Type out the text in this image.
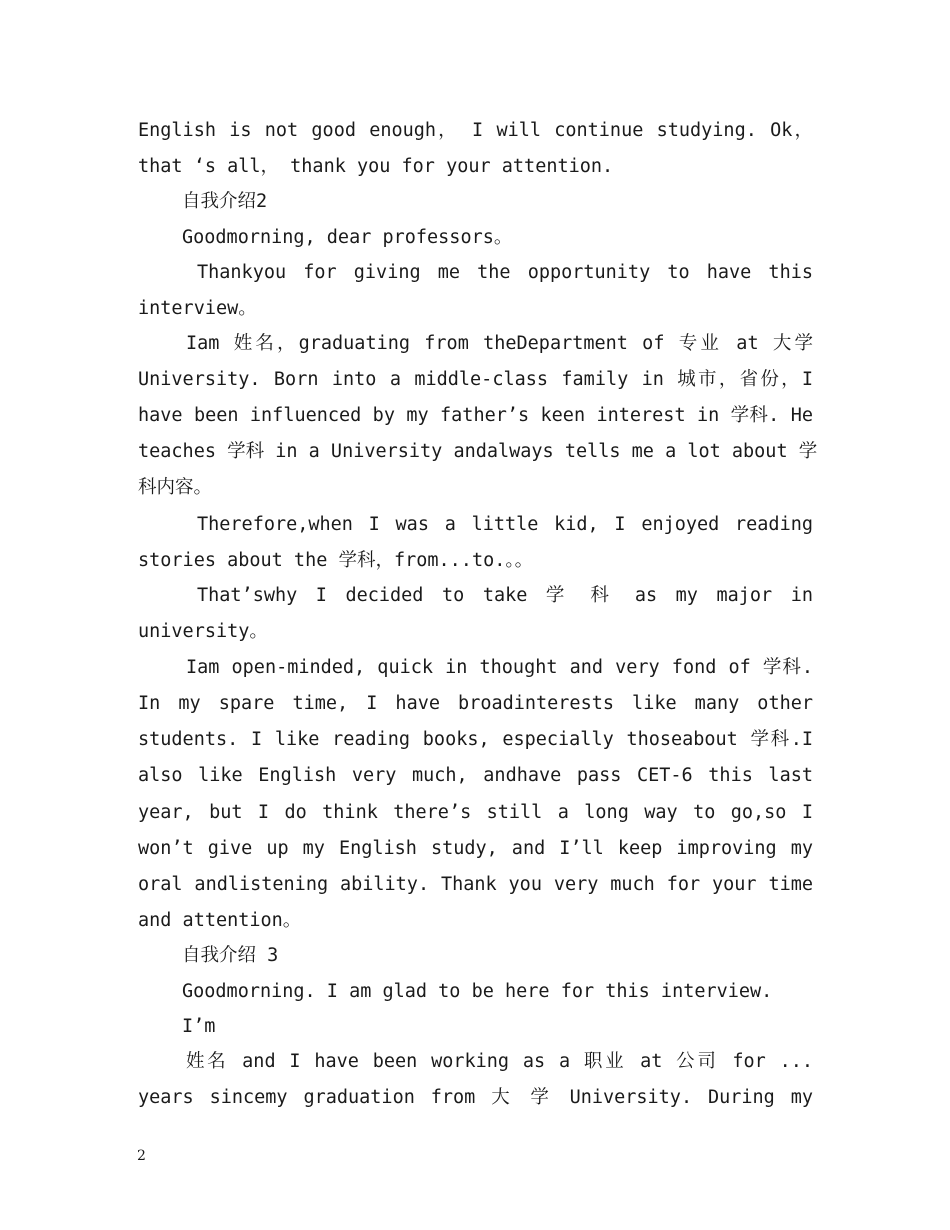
English is not good enough， I will continue studying. Ok，
that ‘s all， thank you for your attention.
自我介绍2
Goodmorning, dear professors。
Thankyou for giving me the opportunity to have this
interview。
Iam 姓名，graduating from theDepartment of 专业 at 大学
University. Born into a middle-class family in 城市，省份，I
have been influenced by my father’s keen interest in 学科. He
teaches 学科 in a University andalways tells me a lot about 学
科内容。
Therefore,when I was a little kid, I enjoyed reading
stories about the 学科，from...to.。。
That’swhy I decided to take 学 科 as my major in
university。
Iam open-minded, quick in thought and very fond of 学科.
In my spare time, I have broadinterests like many other
students. I like reading books, especially thoseabout 学科.I
also like English very much, andhave pass CET-6 this last
year, but I do think there’s still a long way to go,so I
won’t give up my English study, and I’ll keep improving my
oral andlistening ability. Thank you very much for your time
and attention。
自我介绍 3
Goodmorning. I am glad to be here for this interview.
I’m
姓名 and I have been working as a 职业 at 公司 for ...
years sincemy graduation from 大 学 University. During my
2
